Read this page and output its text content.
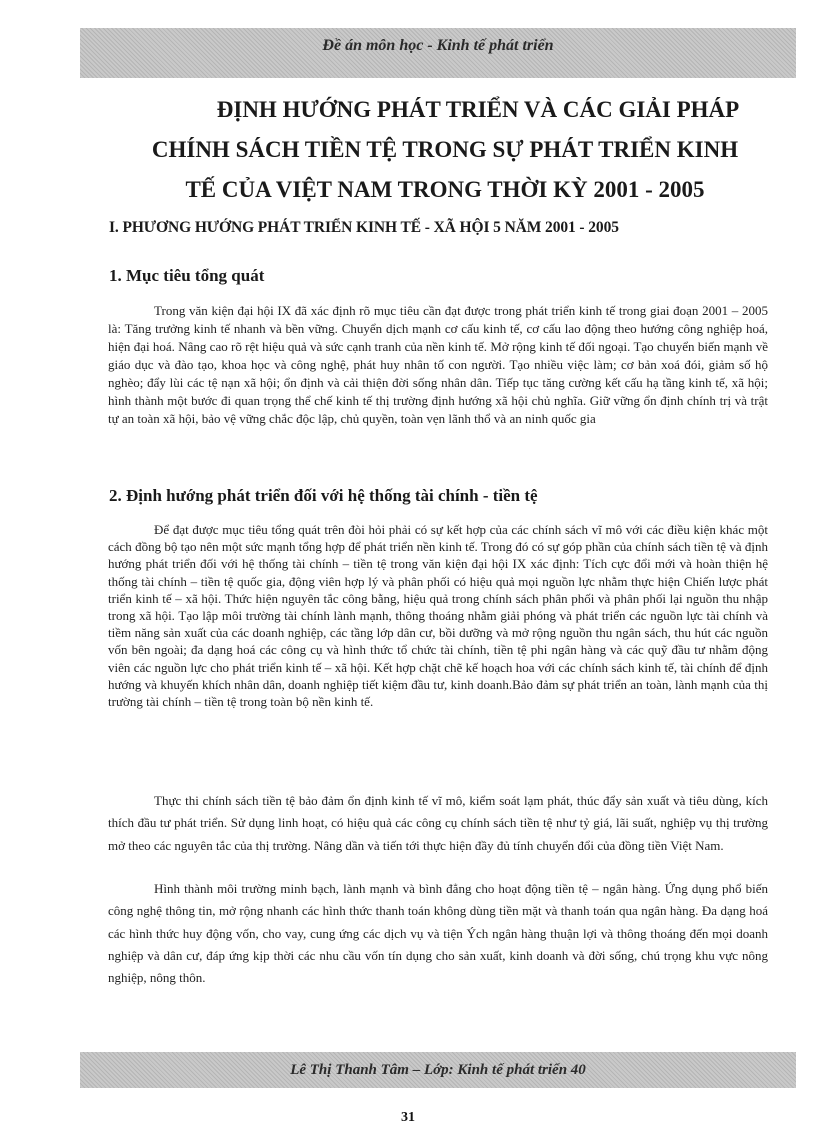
Đề án môn học - Kinh tế phát triển
ĐỊNH HƯỚNG PHÁT TRIỂN VÀ CÁC GIẢI PHÁP
CHÍNH SÁCH TIỀN TỆ TRONG SỰ PHÁT TRIỂN KINH
TẾ CỦA VIỆT NAM TRONG THỜI KỲ 2001 - 2005
I. PHƯƠNG HƯỚNG PHÁT TRIỂN KINH TẾ - XÃ HỘI 5 NĂM 2001 - 2005
1. Mục tiêu tổng quát

Trong văn kiện đại hội IX đã xác định rõ mục tiêu cần đạt được trong phát triển kinh tế trong giai đoạn 2001 – 2005 là: Tăng trưởng kinh tế nhanh và bền vững. Chuyển dịch mạnh cơ cấu kinh tế, cơ cấu lao động theo hướng công nghiệp hoá, hiện đại hoá. Nâng cao rõ rệt hiệu quả và sức cạnh tranh của nền kinh tế. Mở rộng kinh tế đối ngoại. Tạo chuyển biến mạnh về giáo dục và đào tạo, khoa học và công nghệ, phát huy nhân tố con người. Tạo nhiều việc làm; cơ bản xoá đói, giảm số hộ nghèo; đẩy lùi các tệ nạn xã hội; ổn định và cải thiện đời sống nhân dân. Tiếp tục tăng cường kết cấu hạ tầng kinh tế, xã hội; hình thành một bước đi quan trọng thể chế kinh tế thị trường định hướng xã hội chủ nghĩa. Giữ vững ổn định chính trị và trật tự an toàn xã hội, bảo vệ vững chắc độc lập, chủ quyền, toàn vẹn lãnh thổ và an ninh quốc gia

2. Định hướng phát triển đối với hệ thống tài chính - tiền tệ

Để đạt được mục tiêu tổng quát trên đòi hỏi phải có sự kết hợp của các chính sách vĩ mô với các điều kiện khác một cách đồng bộ tạo nên một sức mạnh tổng hợp để phát triển nền kinh tế. Trong đó có sự góp phần của chính sách tiền tệ và định hướng phát triển đối với hệ thống tài chính – tiền tệ trong văn kiện đại hội IX xác định: Tích cực đổi mới và hoàn thiện hệ thống tài chính – tiền tệ quốc gia, động viên hợp lý và phân phối có hiệu quả mọi nguồn lực nhằm thực hiện Chiến lược phát triển kinh tế – xã hội. Thức hiện nguyên tắc công bằng, hiệu quả trong chính sách phân phối và phân phối lại nguồn thu nhập trong xã hội. Tạo lập môi trường tài chính lành mạnh, thông thoáng nhằm giải phóng và phát triển các nguồn lực tài chính và tiềm năng sản xuất của các doanh nghiệp, các tầng lớp dân cư, bồi dưỡng và mở rộng nguồn thu ngân sách, thu hút các nguồn vốn bên ngoài; đa dạng hoá các công cụ và hình thức tổ chức tài chính, tiền tệ phi ngân hàng và các quỹ đầu tư nhằm động viên các nguồn lực cho phát triển kinh tế – xã hội. Kết hợp chặt chẽ kế hoạch hoa với các chính sách kinh tế, tài chính để định hướng và khuyến khích nhân dân, doanh nghiệp tiết kiệm đầu tư, kinh doanh.Bảo đảm sự phát triển an toàn, lành mạnh của thị trường tài chính – tiền tệ trong toàn bộ nền kinh tế.

Thực thi chính sách tiền tệ bảo đảm ổn định kinh tế vĩ mô, kiểm soát lạm phát, thúc đẩy sản xuất và tiêu dùng, kích thích đầu tư phát triển. Sử dụng linh hoạt, có hiệu quả các công cụ chính sách tiền tệ như tỷ giá, lãi suất, nghiệp vụ thị trường mở theo các nguyên tắc của thị trường. Nâng dần và tiến tới thực hiện đầy đủ tính chuyển đổi của đồng tiền Việt Nam.

Hình thành môi trường minh bạch, lành mạnh và bình đẳng cho hoạt động tiền tệ – ngân hàng. Ứng dụng phổ biến công nghệ thông tin, mở rộng nhanh các hình thức thanh toán không dùng tiền mặt và thanh toán qua ngân hàng. Đa dạng hoá các hình thức huy động vốn, cho vay, cung ứng các dịch vụ và tiện Ých ngân hàng thuận lợi và thông thoáng đến mọi doanh nghiệp và dân cư, đáp ứng kịp thời các nhu cầu vốn tín dụng cho sản xuất, kinh doanh và đời sống, chú trọng khu vực nông nghiệp, nông thôn.

Lê Thị Thanh Tâm – Lớp: Kinh tế phát triển 40
31
